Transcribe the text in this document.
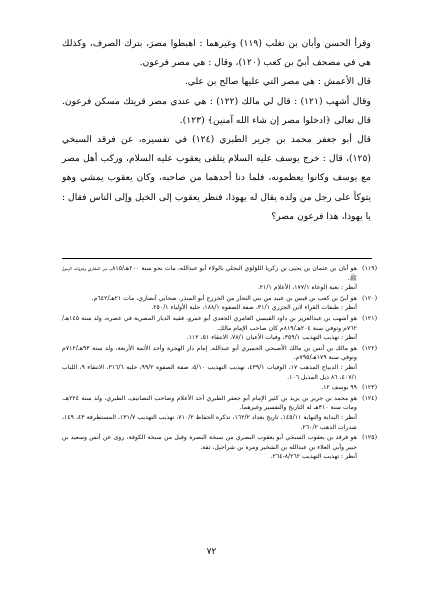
وقرأ الحسن وأبان بن تغلب (١١٩) وغيرهما : اهبطوا مصرَ، بترك الصرف، وكذلك هي في مصحف أبيّ بن كعب (١٢٠)، وقال : هي مصر فرعون.

قال الأعمش : هي مصر التي عليها صالح بن علي.

وقال أشهب (١٢١) : قال لي مالك (١٢٢) : هي عندي مصر قريتك مسكن فرعون. قال تعالى ﴿ادخلوا مصر إن شاء الله آمنين﴾ (١٢٣).

قال أبو جعفر محمد بن جرير الطبري (١٢٤) في تفسيره، عن فرقد السبخي (١٢٥)، قال : خرج يوسف عليه السلام يتلقى يعقوب عليه السلام، وركب أهل مصر مع يوسف وكانوا يعظمونه، فلما دنا أحدهما من صاحبه، وكان يعقوب يمشي وهو يتوكأ على رجل من ولده يقال له يهوذا، فنظر يعقوب إلى الخيل وإلى الناس فقال : يا يهوذا، هذا فرعون مصر؟

(١١٩)
هو أبان بن عثمان بن يحيى بن زكريا اللؤلؤي البجلي بالولاء أبو عبدالله، مات نحو سنة ٢٠٠هـ/٨١٥م، من المغازي وغزوات الرسول ﷺ.
أنظر : بغية الوعاة ١٧٧/١، الأعلام ٢١/١.
(١٢٠)
هو أبيّ بن كعب بن قيس بن عبيد من بني النجار من الخزرج أبو المنذر. صحابي أنصاري، مات ٢١هـ/٦٤٢م.
أنظر : طبقات القراء لابن الجزري ٣١/١، صفة الصفوة ١٨٨/١، حلية الأولياء ٢٥٠/١.
(١٢١)
هو أشهب بن عبدالعزيز بن داود القيسي العامري الجعدي أبو عمرو. فقيه الديار المصرية في عصره، ولد سنة ١٤٥هـ/٧٦٢م وتوفي سنة ٢٠٤هـ/٨١٩م كان صاحب الإمام مالك.
أنظر : تهذيب التهذيب ٣٥٩/١، وفيات الأعيان ٧٨/١، الانتقاء ٥١، ١١٢.
(١٢٢)
هو مالك بن أنس بن مالك الأصبحي الحميري أبو عبدالله. إمام دار الهجرة وأحد الأئمة الأربعة، ولد سنة ٩٣هـ/٧١٢م وتوفي سنة ١٧٩هـ/٧٩٥م.
أنظر : الديباج المذهب ١٧، الوفيات ٤٣٩/١، تهذيب التهذيب ٥/١٠، صفة الصفوة ٩٩/٢، حلية ٣١٦/٦، الانتقاء ٩، اللباب ٤٠٧/١، ٨٦ ذيل المذيل ١٠٦.
(١٢٣)
٩٩ يوسف ١٢.
(١٢٤)
هو محمد بن جرير بن يزيد بن كثير الإمام أبو جعفر الطبري أحد الأعلام وصاحب التصانيف. الطبري، ولد سنة ٢٢٤هـ، ومات سنة ٣١٠هـ له التاريخ والتفسير وغيرهما.
أنظر : البداية والنهاية ١٤٥/١١، تاريخ بغداد ١٦٢/٢، تذكرة الحفاظ ٧١٠/٢، تهذيب التهذيب ١٣١/٧، المستطرفة ٤٣، ١٤٩، شذرات الذهب ٢٦٠/٢.
(١٢٥)
هو فرقد بن يعقوب السبخي أبو يعقوب البصري من سبخة البصرة وقيل من سبخة الكوفة، روى عن أنس وسعيد بن جبير وأبي العلاء بن عبدالله بن الشخير ومرة بن شراحيل، ثقة.
أنظر : تهذيب التهذيب ٨/٢٦٢-٢٦٤.
٧٢
